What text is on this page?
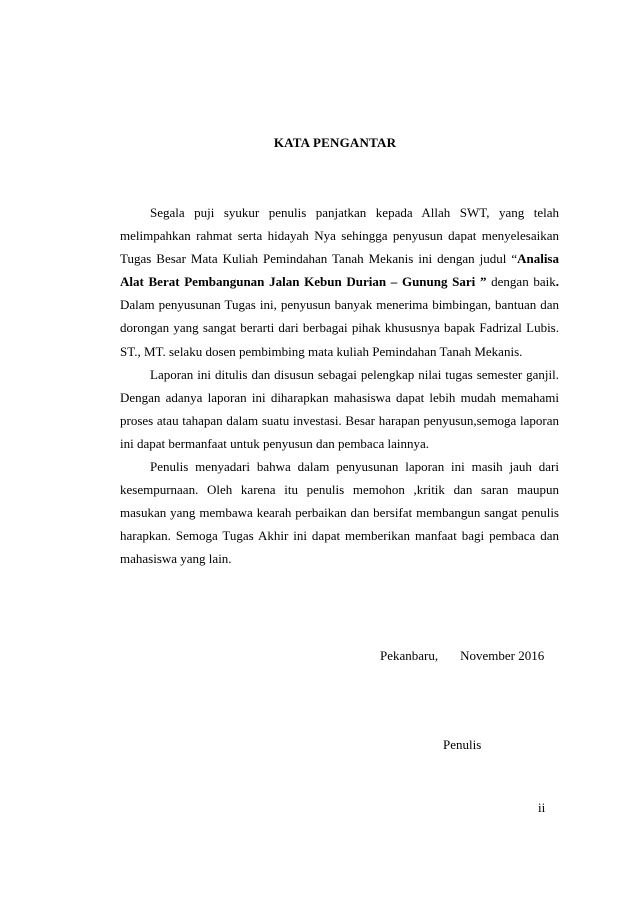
KATA PENGANTAR

Segala puji syukur penulis panjatkan kepada Allah SWT, yang telah melimpahkan rahmat serta hidayah Nya sehingga penyusun dapat menyelesaikan Tugas Besar Mata Kuliah Pemindahan Tanah Mekanis ini dengan judul “Analisa Alat Berat Pembangunan Jalan Kebun Durian – Gunung Sari ” dengan baik. Dalam penyusunan Tugas ini, penyusun banyak menerima bimbingan, bantuan dan dorongan yang sangat berarti dari berbagai pihak khususnya bapak Fadrizal Lubis. ST., MT. selaku dosen pembimbing mata kuliah Pemindahan Tanah Mekanis.

Laporan ini ditulis dan disusun sebagai pelengkap nilai tugas semester ganjil. Dengan adanya laporan ini diharapkan mahasiswa dapat lebih mudah memahami proses atau tahapan dalam suatu investasi. Besar harapan penyusun,semoga laporan ini dapat bermanfaat untuk penyusun dan pembaca lainnya.

Penulis menyadari bahwa dalam penyusunan laporan ini masih jauh dari kesempurnaan. Oleh karena itu penulis memohon ,kritik dan saran maupun masukan yang membawa kearah perbaikan dan bersifat membangun sangat penulis harapkan. Semoga Tugas Akhir ini dapat memberikan manfaat bagi pembaca dan mahasiswa yang lain.

Pekanbaru, November 2016
Penulis
ii
